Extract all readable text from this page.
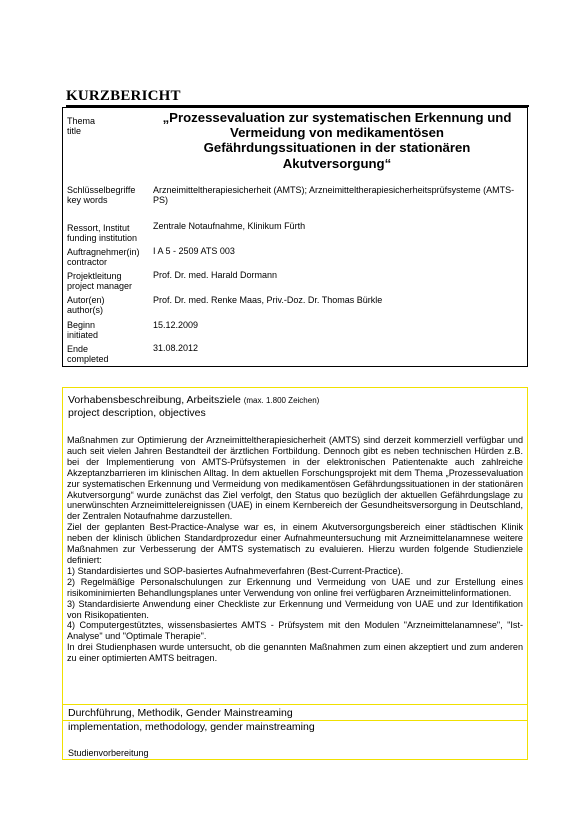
KURZBERICHT
Thema
title
„Prozessevaluation zur systematischen Erkennung und Vermeidung von medikamentösen Gefährdungssituationen in der stationären Akutversorgung“
Schlüsselbegriffe
key words
Arzneimitteltherapiesicherheit (AMTS); Arzneimitteltherapiesicherheitsprüfsysteme (AMTS-PS)
Ressort, Institut
funding institution
Zentrale Notaufnahme, Klinikum Fürth
Auftragnehmer(in)
contractor
I A 5 - 2509 ATS 003
Projektleitung
project manager
Prof. Dr. med. Harald Dormann
Autor(en)
author(s)
Prof. Dr. med. Renke Maas, Priv.-Doz. Dr. Thomas Bürkle
Beginn
initiated
15.12.2009
Ende
completed
31.08.2012
Vorhabensbeschreibung, Arbeitsziele (max. 1.800 Zeichen)
project description, objectives

Maßnahmen zur Optimierung der Arzneimitteltherapiesicherheit (AMTS) sind derzeit kommerziell verfügbar und auch seit vielen Jahren Bestandteil der ärztlichen Fortbildung. Dennoch gibt es neben technischen Hürden z.B. bei der Implementierung von AMTS-Prüfsystemen in der elektronischen Patientenakte auch zahlreiche Akzeptanzbarrieren im klinischen Alltag. In dem aktuellen Forschungsprojekt mit dem Thema „Prozessevaluation zur systematischen Erkennung und Vermeidung von medikamentösen Gefährdungssituationen in der stationären Akutversorgung“ wurde zunächst das Ziel verfolgt, den Status quo bezüglich der aktuellen Gefährdungslage zu unerwünschten Arzneimittelereignissen (UAE) in einem Kernbereich der Gesundheitsversorgung in Deutschland, der Zentralen Notaufnahme darzustellen.

Ziel der geplanten Best-Practice-Analyse war es, in einem Akutversorgungsbereich einer städtischen Klinik neben der klinisch üblichen Standardprozedur einer Aufnahmeuntersuchung mit Arzneimittelanamnese weitere Maßnahmen zur Verbesserung der AMTS systematisch zu evaluieren. Hierzu wurden folgende Studienziele definiert:

1) Standardisiertes und SOP-basiertes Aufnahmeverfahren (Best-Current-Practice).

2) Regelmäßige Personalschulungen zur Erkennung und Vermeidung von UAE und zur Erstellung eines risikominimierten Behandlungsplanes unter Verwendung von online frei verfügbaren Arzneimittelinformationen.

3) Standardisierte Anwendung einer Checkliste zur Erkennung und Vermeidung von UAE und zur Identifikation von Risikopatienten.

4) Computergestütztes, wissensbasiertes AMTS - Prüfsystem mit den Modulen "Arzneimittelanamnese", "Ist-Analyse" und "Optimale Therapie".

In drei Studienphasen wurde untersucht, ob die genannten Maßnahmen zum einen akzeptiert und zum anderen zu einer optimierten AMTS beitragen.

Durchführung, Methodik, Gender Mainstreaming
implementation, methodology, gender mainstreaming
Studienvorbereitung
